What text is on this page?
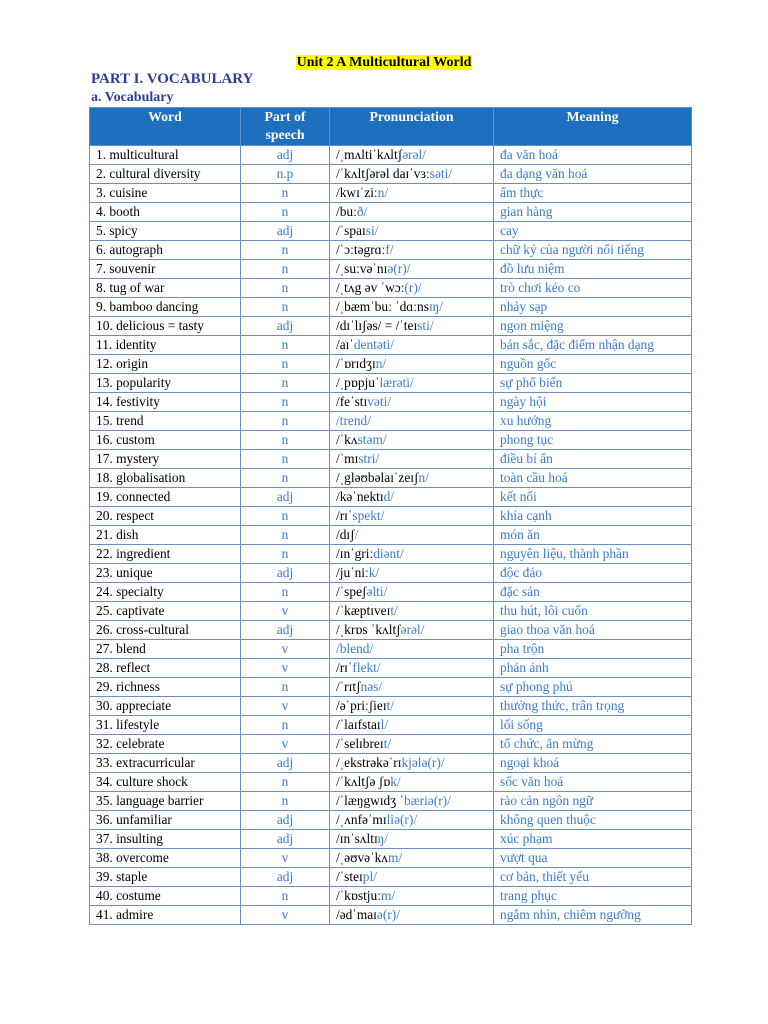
Unit 2 A Multicultural World
PART I. VOCABULARY
a. Vocabulary
Word	Part of speech	Pronunciation	Meaning
1. multicultural	adj	/ˌmʌltiˈkʌltʃərəl/	đa văn hoá
2. cultural diversity	n.p	/ˈkʌltʃərəl daɪˈvɜːsəti/	đa dạng văn hoá
3. cuisine	n	/kwɪˈziːn/	ẩm thực
4. booth	n	/buːð/	gian hàng
5. spicy	adj	/ˈspaɪsi/	cay
6. autograph	n	/ˈɔːtəgrɑːf/	chữ ký của người nổi tiếng
7. souvenir	n	/ˌsuːvəˈnɪə(r)/	đồ lưu niệm
8. tug of war	n	/ˌtʌg əv ˈwɔː(r)/	trò chơi kéo co
9. bamboo dancing	n	/ˌbæmˈbuː ˈdɑːnsɪŋ/	nhảy sạp
10. delicious = tasty	adj	/dɪˈlɪʃəs/ = /ˈteɪsti/	ngon miệng
11. identity	n	/aɪˈdentəti/	bản sắc, đặc điểm nhận dạng
12. origin	n	/ˈɒrɪdʒɪn/	nguồn gốc
13. popularity	n	/ˌpɒpjuˈlærəti/	sự phổ biến
14. festivity	n	/feˈstɪvəti/	ngày hội
15. trend	n	/trend/	xu hướng
16. custom	n	/ˈkʌstəm/	phong tục
17. mystery	n	/ˈmɪstri/	điều bí ẩn
18. globalisation	n	/ˌgləʊbəlaɪˈzeɪʃn/	toàn cầu hoá
19. connected	adj	/kəˈnektɪd/	kết nối
20. respect	n	/rɪˈspekt/	khía cạnh
21. dish	n	/dɪʃ/	món ăn
22. ingredient	n	/ɪnˈgriːdiənt/	nguyên liệu, thành phần
23. unique	adj	/juˈniːk/	độc đáo
24. specialty	n	/ˈspeʃəlti/	đặc sản
25. captivate	v	/ˈkæptɪveɪt/	thu hút, lôi cuốn
26. cross-cultural	adj	/ˌkrɒs ˈkʌltʃərəl/	giao thoa văn hoá
27. blend	v	/blend/	pha trộn
28. reflect	v	/rɪˈflekt/	phản ánh
29. richness	n	/ˈrɪtʃnəs/	sự phong phú
30. appreciate	v	/əˈpriːʃieɪt/	thưởng thức, trân trọng
31. lifestyle	n	/ˈlaɪfstaɪl/	lối sống
32. celebrate	v	/ˈselɪbreɪt/	tổ chức, ăn mừng
33. extracurricular	adj	/ˌekstrəkəˈrɪkjələ(r)/	ngoại khoá
34. culture shock	n	/ˈkʌltʃə ʃɒk/	sốc văn hoá
35. language barrier	n	/ˈlæŋgwɪdʒ ˈbæriə(r)/	rào cản ngôn ngữ
36. unfamiliar	adj	/ˌʌnfəˈmɪliə(r)/	không quen thuộc
37. insulting	adj	/ɪnˈsʌltɪŋ/	xúc phạm
38. overcome	v	/ˌəʊvəˈkʌm/	vượt qua
39. staple	adj	/ˈsteɪpl/	cơ bản, thiết yếu
40. costume	n	/ˈkɒstjuːm/	trang phục
41. admire	v	/ədˈmaɪə(r)/	ngắm nhìn, chiêm ngưỡng
